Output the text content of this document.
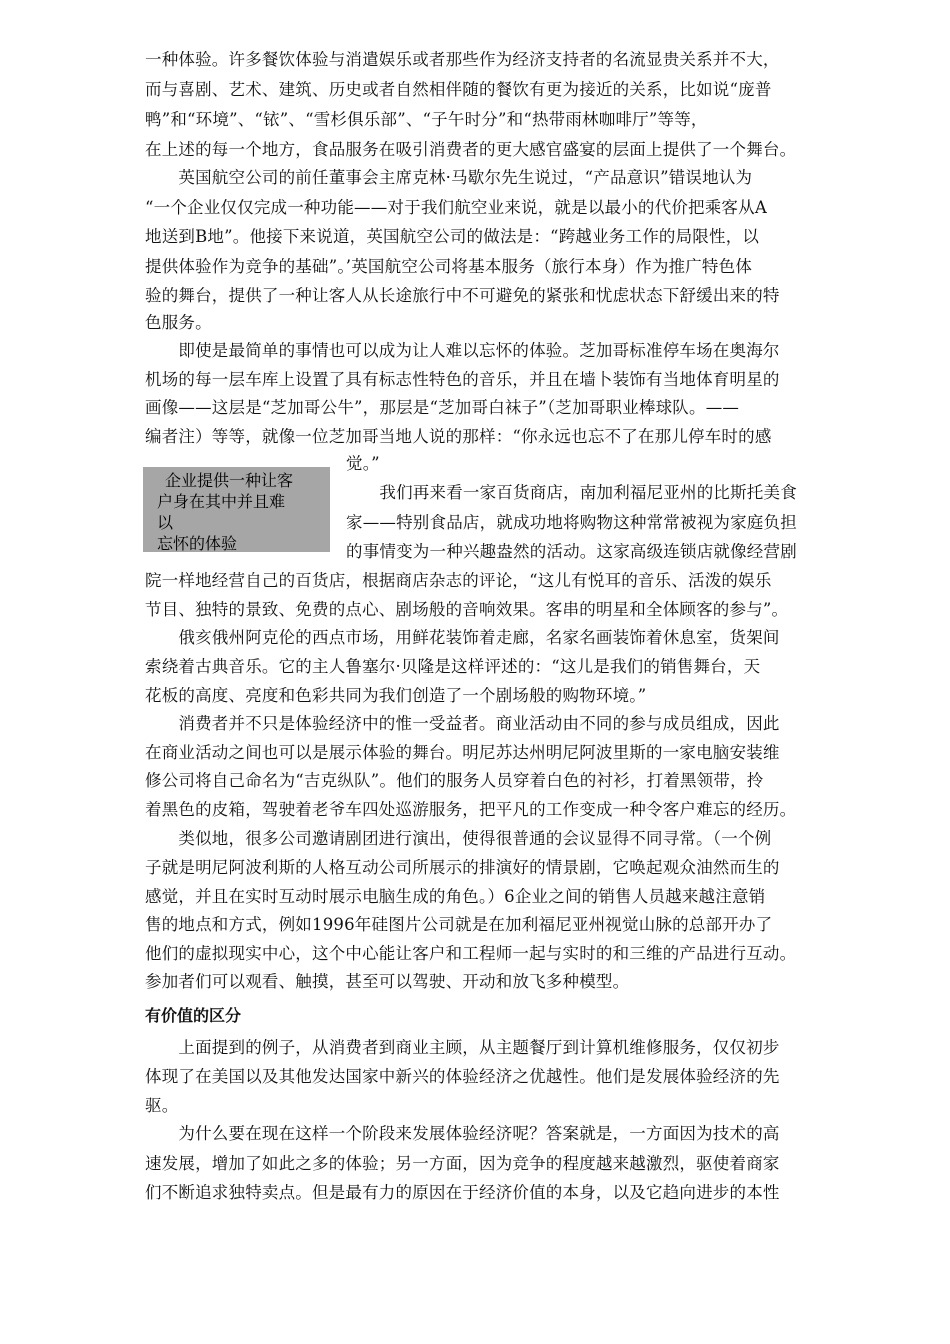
一种体验。许多餐饮体验与消遣娱乐或者那些作为经济支持者的名流显贵关系并不大，
而与喜剧、艺术、建筑、历史或者自然相伴随的餐饮有更为接近的关系，比如说“庞普
鸭”和“环境”、“铱”、“雪杉俱乐部”、“子午时分”和“热带雨林咖啡厅”等等，
在上述的每一个地方，食品服务在吸引消费者的更大感官盛宴的层面上提供了一个舞台。
　　英国航空公司的前任董事会主席克林·马歇尔先生说过，“产品意识”错误地认为
“一个企业仅仅完成一种功能——对于我们航空业来说，就是以最小的代价把乘客从A
地送到B地”。他接下来说道，英国航空公司的做法是：“跨越业务工作的局限性，以
提供体验作为竞争的基础”。’英国航空公司将基本服务（旅行本身）作为推广特色体
验的舞台，提供了一种让客人从长途旅行中不可避免的紧张和忧虑状态下舒缓出来的特
色服务。
　　即使是最简单的事情也可以成为让人难以忘怀的体验。芝加哥标准停车场在奥海尔
机场的每一层车库上设置了具有标志性特色的音乐，并且在墙卜装饰有当地体育明星的
画像——这层是“芝加哥公牛”，那层是“芝加哥白袜子”（芝加哥职业棒球队。——
编者注）等等，就像一位芝加哥当地人说的那样：“你永远也忘不了在那儿停车时的感
觉。”
　　我们再来看一家百货商店，南加利福尼亚州的比斯托美食
家——特别食品店，就成功地将购物这种常常被视为家庭负担
的事情变为一种兴趣盎然的活动。这家高级连锁店就像经营剧
院一样地经营自己的百货店，根据商店杂志的评论，“这儿有悦耳的音乐、活泼的娱乐
节目、独特的景致、免费的点心、剧场般的音响效果。客串的明星和全体顾客的参与”。
　　俄亥俄州阿克伦的西点市场，用鲜花装饰着走廊，名家名画装饰着休息室，货架间
索绕着古典音乐。它的主人鲁塞尔·贝隆是这样评述的：“这儿是我们的销售舞台，天
花板的高度、亮度和色彩共同为我们创造了一个剧场般的购物环境。”
　　消费者并不只是体验经济中的惟一受益者。商业活动由不同的参与成员组成，因此
在商业活动之间也可以是展示体验的舞台。明尼苏达州明尼阿波里斯的一家电脑安装维
修公司将自己命名为“吉克纵队”。他们的服务人员穿着白色的衬衫，打着黑领带，拎
着黑色的皮箱，驾驶着老爷车四处巡游服务，把平凡的工作变成一种令客户难忘的经历。
　　类似地，很多公司邀请剧团进行演出，使得很普通的会议显得不同寻常。（一个例
子就是明尼阿波利斯的人格互动公司所展示的排演好的情景剧，它唤起观众油然而生的
感觉，并且在实时互动时展示电脑生成的角色。）6企业之间的销售人员越来越注意销
售的地点和方式，例如1996年硅图片公司就是在加利福尼亚州视觉山脉的总部开办了
他们的虚拟现实中心，这个中心能让客户和工程师一起与实时的和三维的产品进行互动。
参加者们可以观看、触摸，甚至可以驾驶、开动和放飞多种模型。
　　上面提到的例子，从消费者到商业主顾，从主题餐厅到计算机维修服务，仅仅初步
体现了在美国以及其他发达国家中新兴的体验经济之优越性。他们是发展体验经济的先
驱。
　　为什么要在现在这样一个阶段来发展体验经济呢？答案就是，一方面因为技术的高
速发展，增加了如此之多的体验；另一方面，因为竞争的程度越来越激烈，驱使着商家
们不断追求独特卖点。但是最有力的原因在于经济价值的本身，以及它趋向进步的本性
有价值的区分
企业提供一种让客
户身在其中并且难
以
忘怀的体验
